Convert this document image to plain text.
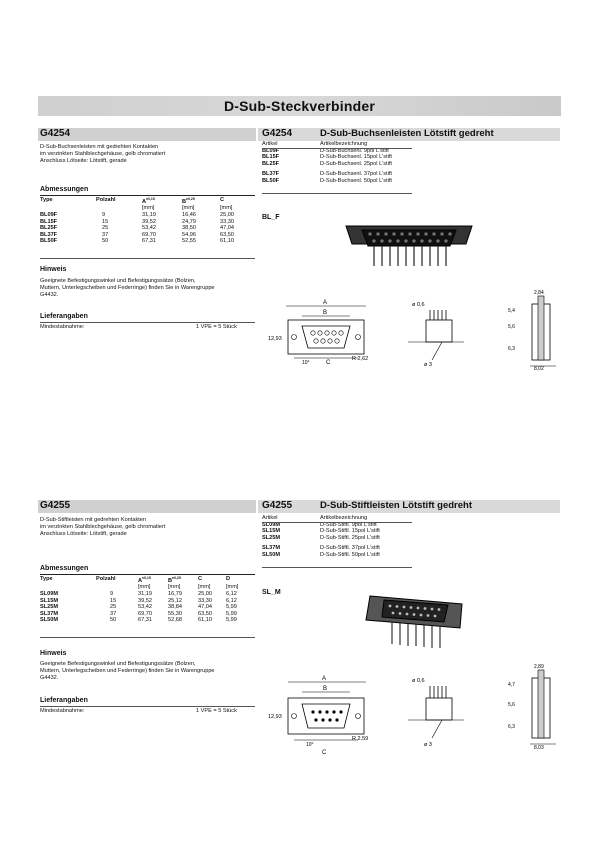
D-Sub-Steckverbinder
G4254
D-Sub-Buchsenleisten mit gedrehten Kontakten
im verzinkten Stahlblechgehäuse, gelb chromatiert
Anschluss Lötseite: Lötstift, gerade
Abmessungen
Type	Polzahl	$A^{\pm 0,15}$	$B^{\pm 0,25}$	C
		[mm]	[mm]	[mm]
BL09F	9	31,19	16,46	25,00
BL15F	15	39,52	24,79	33,30
BL25F	25	53,42	38,50	47,04
BL37F	37	69,70	54,96	63,50
BL50F	50	67,31	52,55	61,10
Hinweis
Geeignete Befestigungswinkel und Befestigungssätze (Bolzen,
Muttern, Unterlegscheiben und Federringe) finden Sie in Warengruppe
G4432.
Lieferangaben
Mindestabnahme:	1 VPE = 5 Stück
G4254	D-Sub-Buchsenleisten Lötstift gedreht
Artikel	Artikelbezeichnung
BL09F	D-Sub-Buchsenl. 9pol L'stift
BL15F	D-Sub-Buchsenl. 15pol L'stift
BL25F	D-Sub-Buchsenl. 25pol L'stift
BL37F	D-Sub-Buchsenl. 37pol L'stift
BL50F	D-Sub-Buchsenl. 50pol L'stift
BL_F
A
B
12,93
R 2,62
10°	C
ø 0,6
ø 3
2,84
5,4
5,6
6,3
8,02
G4255
D-Sub-Stiftleisten mit gedrehten Kontakten
im verzinkten Stahlblechgehäuse, gelb chromatiert
Anschluss Lötseite: Lötstift, gerade
Abmessungen
Type	Polzahl	$A^{\pm 0,15}$	$B^{\pm 0,25}$	C	D
		[mm]	[mm]	[mm]	[mm]
SL09M	9	31,19	16,79	25,00	6,12
SL15M	15	39,52	25,12	33,30	6,12
SL25M	25	53,42	38,84	47,04	5,99
SL37M	37	69,70	55,30	63,50	5,99
SL50M	50	67,31	52,68	61,10	5,99
Hinweis
Geeignete Befestigungswinkel und Befestigungssätze (Bolzen,
Muttern, Unterlegscheiben und Federringe) finden Sie in Warengruppe
G4432.
Lieferangaben
Mindestabnahme:	1 VPE = 5 Stück
G4255	D-Sub-Stiftleisten Lötstift gedreht
Artikel	Artikelbezeichnung
SL09M	D-Sub-Stiftl. 9pol L'stift
SL15M	D-Sub-Stiftl. 15pol L'stift
SL25M	D-Sub-Stiftl. 25pol L'stift
SL37M	D-Sub-Stiftl. 37pol L'stift
SL50M	D-Sub-Stiftl. 50pol L'stift
SL_M
A
B
12,93
R 2,59
10°
C
ø 0,6
ø 3
2,89
4,7
5,6
6,3
8,03
